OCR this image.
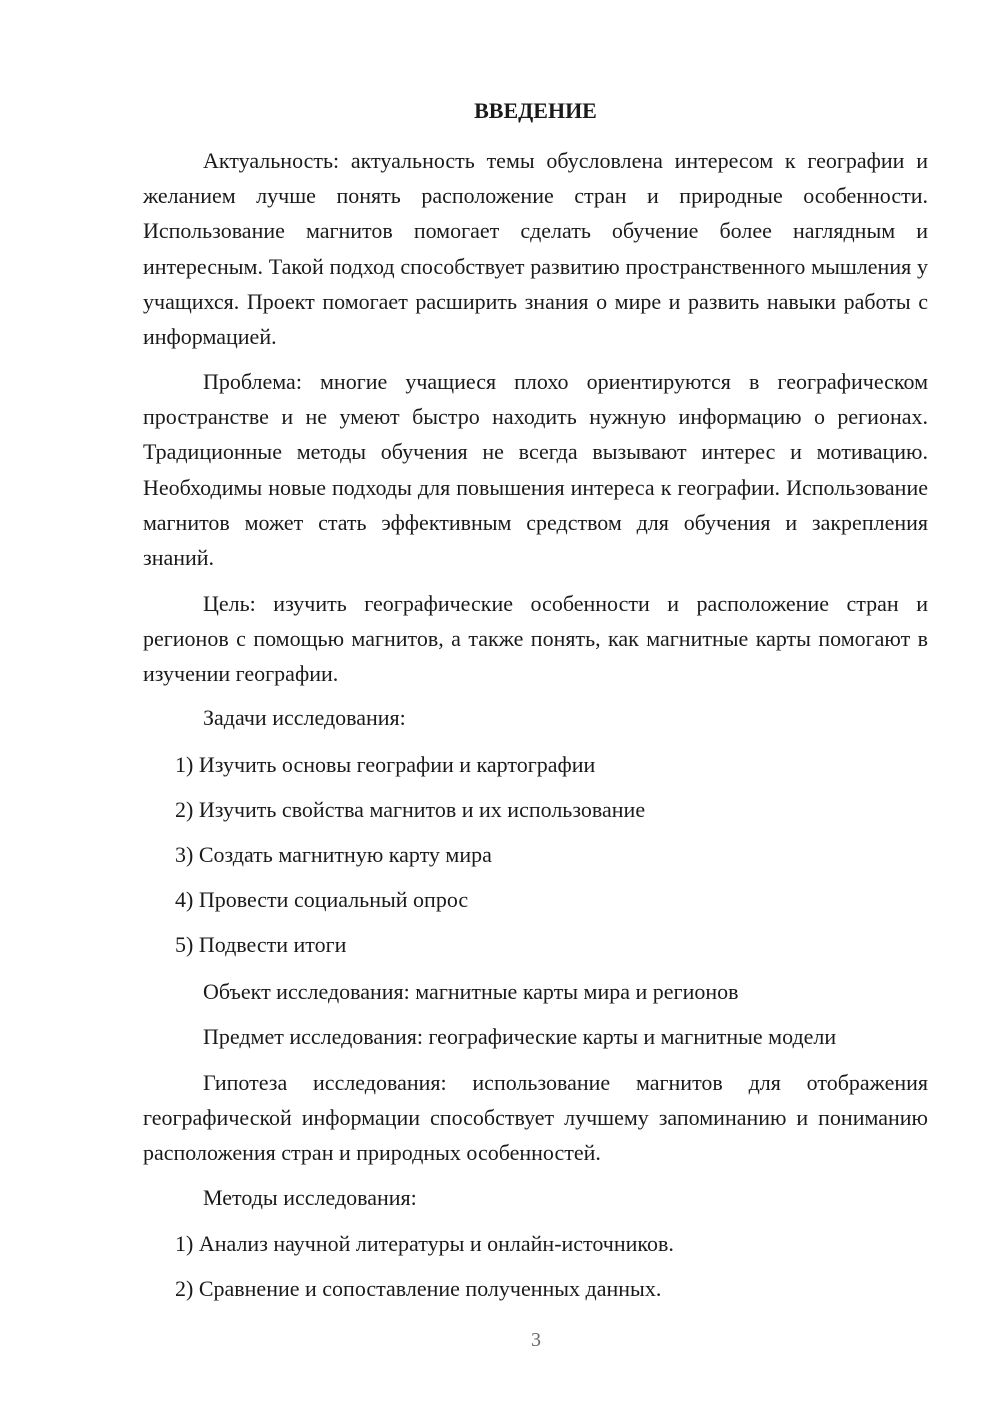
ВВЕДЕНИЕ

Актуальность: актуальность темы обусловлена интересом к географии и желанием лучше понять расположение стран и природные особенности. Использование магнитов помогает сделать обучение более наглядным и интересным. Такой подход способствует развитию пространственного мышления у учащихся. Проект помогает расширить знания о мире и развить навыки работы с информацией.

Проблема: многие учащиеся плохо ориентируются в географическом пространстве и не умеют быстро находить нужную информацию о регионах. Традиционные методы обучения не всегда вызывают интерес и мотивацию. Необходимы новые подходы для повышения интереса к географии. Использование магнитов может стать эффективным средством для обучения и закрепления знаний.

Цель: изучить географические особенности и расположение стран и регионов с помощью магнитов, а также понять, как магнитные карты помогают в изучении географии.

Задачи исследования:

1) Изучить основы географии и картографии

2) Изучить свойства магнитов и их использование

3) Создать магнитную карту мира

4) Провести социальный опрос

5) Подвести итоги

Объект исследования: магнитные карты мира и регионов

Предмет исследования: географические карты и магнитные модели

Гипотеза исследования: использование магнитов для отображения географической информации способствует лучшему запоминанию и пониманию расположения стран и природных особенностей.

Методы исследования:

1) Анализ научной литературы и онлайн-источников.

2) Сравнение и сопоставление полученных данных.

3
